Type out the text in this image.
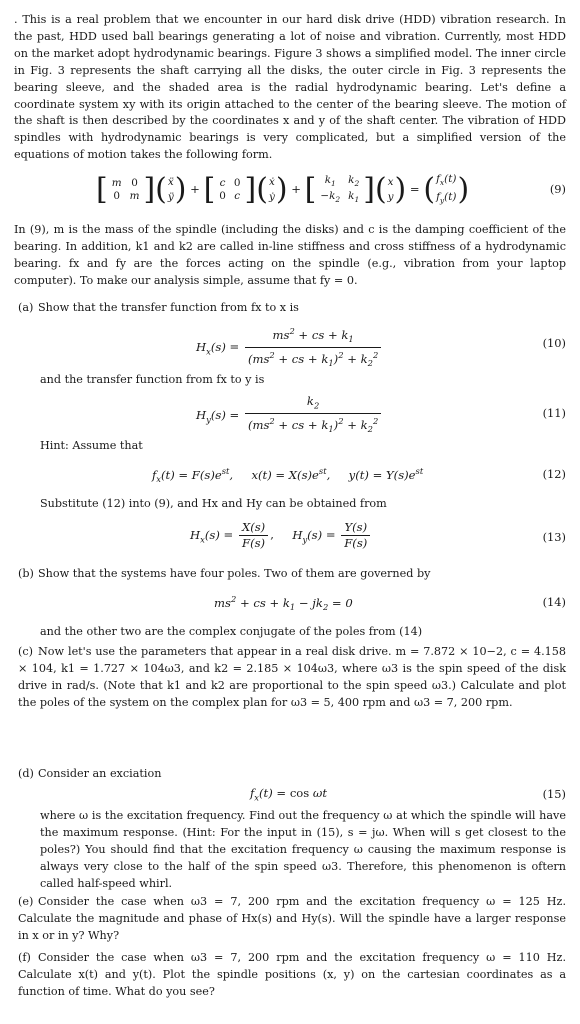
. This is a real problem that we encounter in our hard disk drive (HDD) vibration research. In the past, HDD used ball bearings generating a lot of noise and vibration. Currently, most HDD on the market adopt hydrodynamic bearings. Figure 3 shows a simplified model. The inner circle in Fig. 3 represents the shaft carrying all the disks, the outer circle in Fig. 3 represents the bearing sleeve, and the shaded area is the radial hydrodynamic bearing. Let's define a coordinate system xy with its origin attached to the center of the bearing sleeve. The motion of the shaft is then described by the coordinates x and y of the shaft center. The vibration of HDD spindles with hydrodynamic bearings is very complicated, but a simplified version of the equations of motion takes the following form.

[ m	0
0	m ]( ẍ
ÿ ) + [ c	0
0	c ]( ẋ
ẏ ) + [ $k_1$	$k_2$
$-k_2$	$k_1$ ]( x
y ) = ( $f_x(t)$
$f_y(t)$ )	(9)

In (9), m is the mass of the spindle (including the disks) and c is the damping coefficient of the bearing. In addition, k1 and k2 are called in-line stiffness and cross stiffness of a hydrodynamic bearing. fx and fy are the forces acting on the spindle (e.g., vibration from your laptop computer). To make our analysis simple, assume that fy = 0.

(a) Show that the transfer function from fx to x is

$H_x(s) = \frac{ms^2 + cs + k_1}{(ms^2 + cs + k_1)^2 + k_2^2}$	(10)

and the transfer function from fx to y is

$H_y(s) = \frac{k_2}{(ms^2 + cs + k_1)^2 + k_2^2}$	(11)

Hint: Assume that

$f_x(t) = F(s)e^{st}$,     $x(t) = X(s)e^{st}$,     $y(t) = Y(s)e^{st}$	(12)

Substitute (12) into (9), and Hx and Hy can be obtained from

$H_x(s) = \frac{X(s)}{F(s)}$ ,     $H_y(s) = \frac{Y(s)}{F(s)}$	(13)

(b) Show that the systems have four poles. Two of them are governed by

$ms^2$ + cs + $k_1 - jk_2 = 0$	(14)

and the other two are the complex conjugate of the poles from (14)

(c) Now let's use the parameters that appear in a real disk drive. m = 7.872 × 10−2, c = 4.158 × 104, k1 = 1.727 × 104ω3, and k2 = 2.185 × 104ω3, where ω3 is the spin speed of the disk drive in rad/s. (Note that k1 and k2 are proportional to the spin speed ω3.) Calculate and plot the poles of the system on the complex plan for ω3 = 5, 400 rpm and ω3 = 7, 200 rpm.

(d) Consider an exciation

$f_x(t) = \cos \omega t$	(15)

where ω is the excitation frequency. Find out the frequency ω at which the spindle will have the maximum response. (Hint: For the input in (15), s = jω. When will s get closest to the poles?) You should find that the excitation frequency ω causing the maximum response is always very close to the half of the spin speed ω3. Therefore, this phenomenon is oftern called half-speed whirl.

(e) Consider the case when ω3 = 7, 200 rpm and the excitation frequency ω = 125 Hz. Calculate the magnitude and phase of Hx(s) and Hy(s). Will the spindle have a larger response in x or in y? Why?

(f) Consider the case when ω3 = 7, 200 rpm and the excitation frequency ω = 110 Hz. Calculate x(t) and y(t). Plot the spindle positions (x, y) on the cartesian coordinates as a function of time. What do you see?
